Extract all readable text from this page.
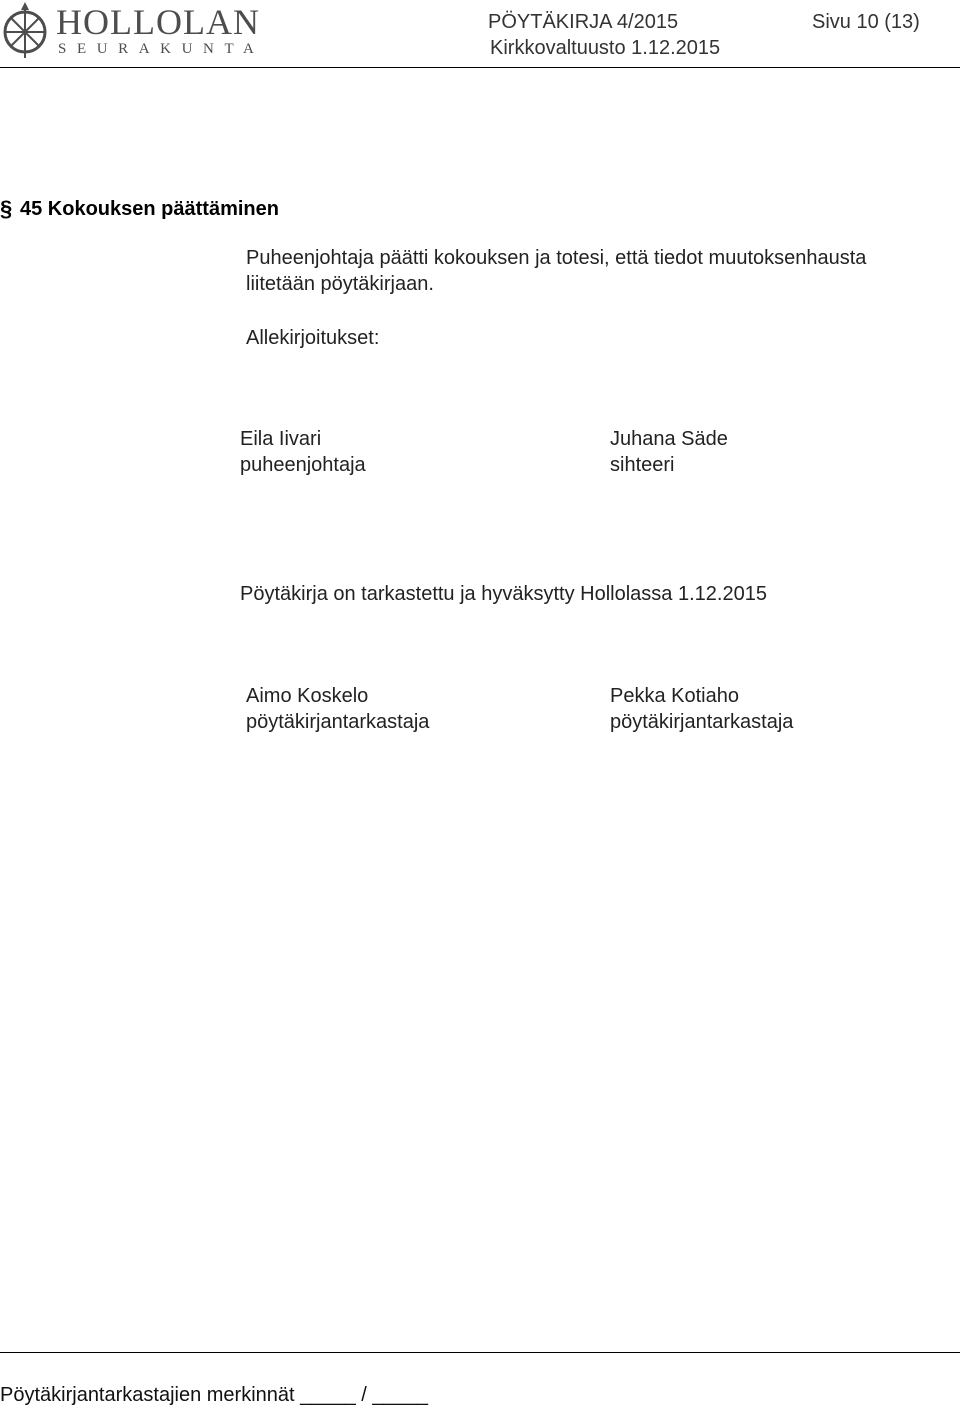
HOLLOLAN
SEURAKUNTA
PÖYTÄKIRJA 4/2015
Kirkkovaltuusto 1.12.2015
Sivu 10 (13)
§ 45 Kokouksen päättäminen
Puheenjohtaja päätti kokouksen ja totesi, että tiedot muutoksenhausta
liitetään pöytäkirjaan.
Allekirjoitukset:
Eila Iivari
puheenjohtaja
Juhana Säde
sihteeri
Pöytäkirja on tarkastettu ja hyväksytty Hollolassa 1.12.2015
Aimo Koskelo
pöytäkirjantarkastaja
Pekka Kotiaho
pöytäkirjantarkastaja
Pöytäkirjantarkastajien merkinnät _____ / _____
